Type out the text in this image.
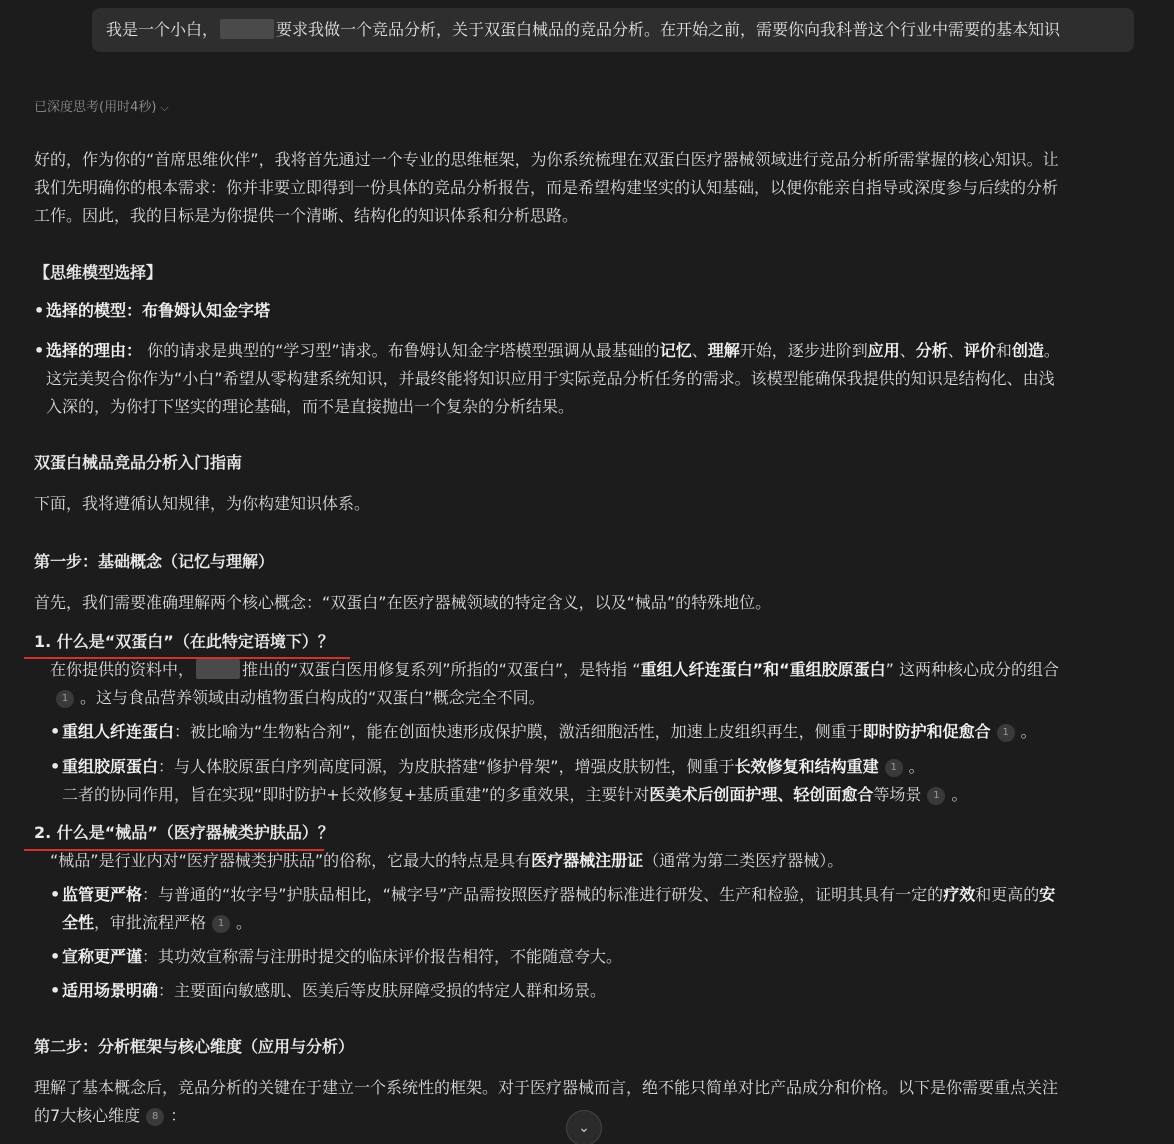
我是一个小白，	要求我做一个竞品分析，关于双蛋白械品的竞品分析。在开始之前，需要你向我科普这个行业中需要的基本知识
已深度思考(用时4秒) ⌵

好的，作为你的“首席思维伙伴”，我将首先通过一个专业的思维框架，为你系统梳理在双蛋白医疗器械领域进行竞品分析所需掌握的核心知识。让

我们先明确你的根本需求：你并非要立即得到一份具体的竞品分析报告，而是希望构建坚实的认知基础，以便你能亲自指导或深度参与后续的分析

工作。因此，我的目标是为你提供一个清晰、结构化的知识体系和分析思路。

【思维模型选择】

• 选择的模型：布鲁姆认知金字塔
• 选择的理由： 你的请求是典型的“学习型”请求。布鲁姆认知金字塔模型强调从最基础的记忆、理解开始，逐步进阶到应用、分析、评价和创造。
这完美契合你作为“小白”希望从零构建系统知识，并最终能将知识应用于实际竞品分析任务的需求。该模型能确保我提供的知识是结构化、由浅
入深的，为你打下坚实的理论基础，而不是直接抛出一个复杂的分析结果。

双蛋白械品竞品分析入门指南

下面，我将遵循认知规律，为你构建知识体系。

第一步：基础概念（记忆与理解）

首先，我们需要准确理解两个核心概念：“双蛋白”在医疗器械领域的特定含义，以及“械品”的特殊地位。

1. 什么是“双蛋白”（在此特定语境下）？

在你提供的资料中，	推出的“双蛋白医用修复系列”所指的“双蛋白”，是特指 “重组人纤连蛋白”和“重组胶原蛋白” 这两种核心成分的组合

1 。这与食品营养领域由动植物蛋白构成的“双蛋白”概念完全不同。

• 重组人纤连蛋白：被比喻为“生物粘合剂”，能在创面快速形成保护膜，激活细胞活性，加速上皮组织再生，侧重于即时防护和促愈合 1 。
• 重组胶原蛋白：与人体胶原蛋白序列高度同源，为皮肤搭建“修护骨架”，增强皮肤韧性，侧重于长效修复和结构重建 1 。
二者的协同作用，旨在实现“即时防护+长效修复+基质重建”的多重效果，主要针对医美术后创面护理、轻创面愈合等场景 1 。

2. 什么是“械品”（医疗器械类护肤品）？

“械品”是行业内对“医疗器械类护肤品”的俗称，它最大的特点是具有医疗器械注册证（通常为第二类医疗器械）。

• 监管更严格：与普通的“妆字号”护肤品相比，“械字号”产品需按照医疗器械的标准进行研发、生产和检验，证明其具有一定的疗效和更高的安
全性，审批流程严格 1 。
• 宣称更严谨：其功效宣称需与注册时提交的临床评价报告相符，不能随意夸大。
• 适用场景明确：主要面向敏感肌、医美后等皮肤屏障受损的特定人群和场景。

第二步：分析框架与核心维度（应用与分析）

理解了基本概念后，竞品分析的关键在于建立一个系统性的框架。对于医疗器械而言，绝不能只简单对比产品成分和价格。以下是你需要重点关注

的7大核心维度 8 ：

⌄
